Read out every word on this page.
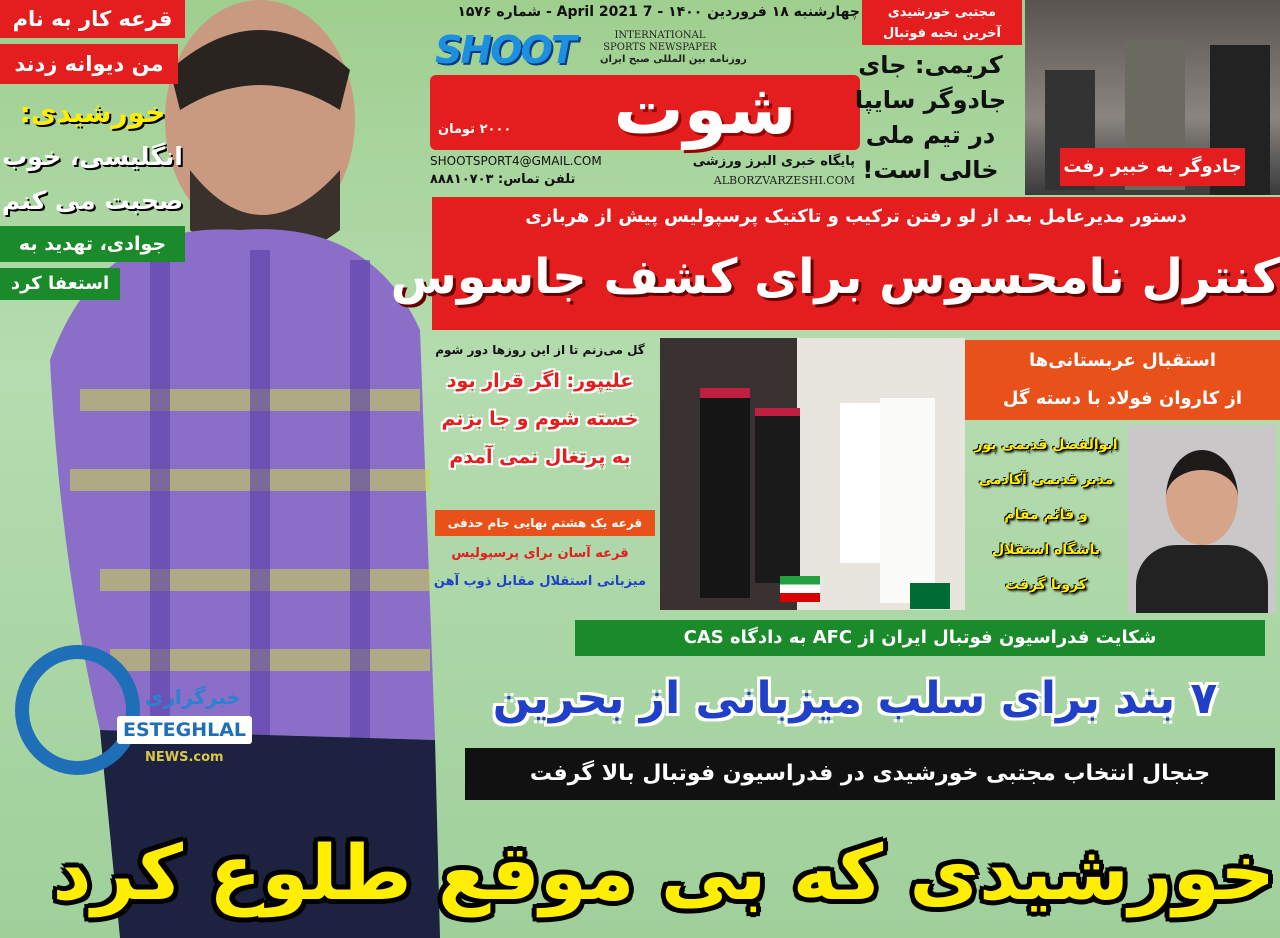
قرعه کار به نام
من دیوانه زدند
خورشیدی:
انگلیسی، خوب
صحبت می کنم
جوادی، تهدید به
استعفا کرد
چهارشنبه ۱۸ فروردین ۱۴۰۰ - 7 April 2021 - شماره ۱۵۷۶
SHOOT	INTERNATIONAL
SPORTS NEWSPAPER
روزنامه بین المللی صبح ایران
شوت
۲۰۰۰ تومان
SHOOTSPORT4@GMAIL.COM
تلفن تماس: ۸۸۸۱۰۷۰۳
پایگاه خبری البرز ورزشی
ALBORZVARZESHI.COM
مجتبی خورشیدی
آخرین نخبه فوتبال
کریمی: جای
جادوگر سایپا
در تیم ملی
خالی است!	جادوگر به خبیر رفت
دستور مدیرعامل بعد از لو رفتن ترکیب و تاکتیک پرسپولیس پیش از هربازی
کنترل نامحسوس برای کشف جاسوس
گل می‌زنم تا از این روزها دور شوم
علیپور: اگر قرار بود
خسته شوم و جا بزنم
به پرتغال نمی آمدم
قرعه یک هشتم نهایی جام حذفی
قرعه آسان برای پرسپولیس
میزبانی استقلال مقابل ذوب آهن
استقبال عربستانی‌ها
از کاروان فولاد با دسته گل
ابوالفضل قدیمی پور
مدیر قدیمی آکادمی
و قائم مقام
باشگاه استقلال
کرونا گرفت
شکایت فدراسیون فوتبال ایران از AFC به دادگاه CAS
۷ بند برای سلب میزبانی از بحرین
جنجال انتخاب مجتبی خورشیدی در فدراسیون فوتبال بالا گرفت
خورشیدی که بی موقع طلوع کرد
خبرگزاری
ESTEGHLAL
NEWS.com
